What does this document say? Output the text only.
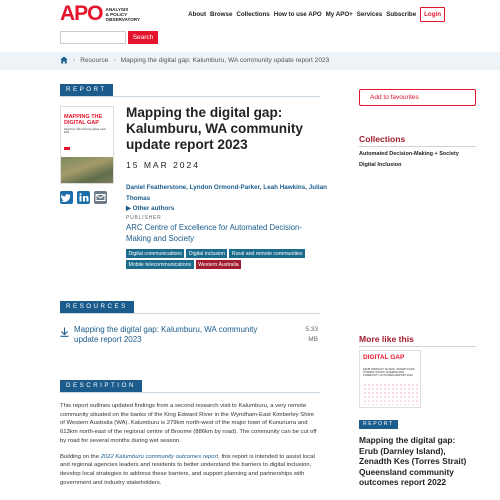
APO ANALYSIS
& POLICY
OBSERVATORY
About Browse Collections How to use APO My APO+ Services Subscribe	Login
Search
› Resource › Mapping the digital gap: Kalumburu, WA community update report 2023
REPORT
MAPPING THE
DIGITAL GAP
Kalumburu, WA community update report 2023
Mapping the digital gap: Kalumburu, WA community update report 2023
15 MAR 2024
Daniel Featherstone, Lyndon Ormond-Parker, Leah Hawkins, Julian Thomas
▶ Other authors
PUBLISHER
ARC Centre of Excellence for Automated Decision-Making and Society
Digital communications	Digital inclusion	Rural and remote communities
Mobile telecommunications	Western Australia
RESOURCES
Mapping the digital gap: Kalumburu, WA community update report 2023
5.33 MB
DESCRIPTION

This report outlines updated findings from a second research visit to Kalumburu, a very remote community situated on the banks of the King Edward River in the Wyndham-East Kimberley Shire of Western Australia (WA). Kalumburu is 279km north-west of the major town of Kununurra and 613km north-east of the regional centre of Broome (886km by road). The community can be cut off by road for several months during wet season.

Building on the 2022 Kalumburu community outcomes report, this report is intended to assist local and regional agencies leaders and residents to better understand the barriers to digital inclusion, develop local strategies to address these barriers, and support planning and partnerships with government and industry stakeholders.

Add to favourites
Collections
Automated Decision-Making + Society
Digital Inclusion
More like this
DIGITAL GAP
ERUB (DARNLEY ISLAND), ZENADTH KES (TORRES STRAIT) QUEENSLAND COMMUNITY OUTCOMES REPORT 2022
REPORT
Mapping the digital gap: Erub (Darnley Island), Zenadth Kes (Torres Strait) Queensland community outcomes report 2022
